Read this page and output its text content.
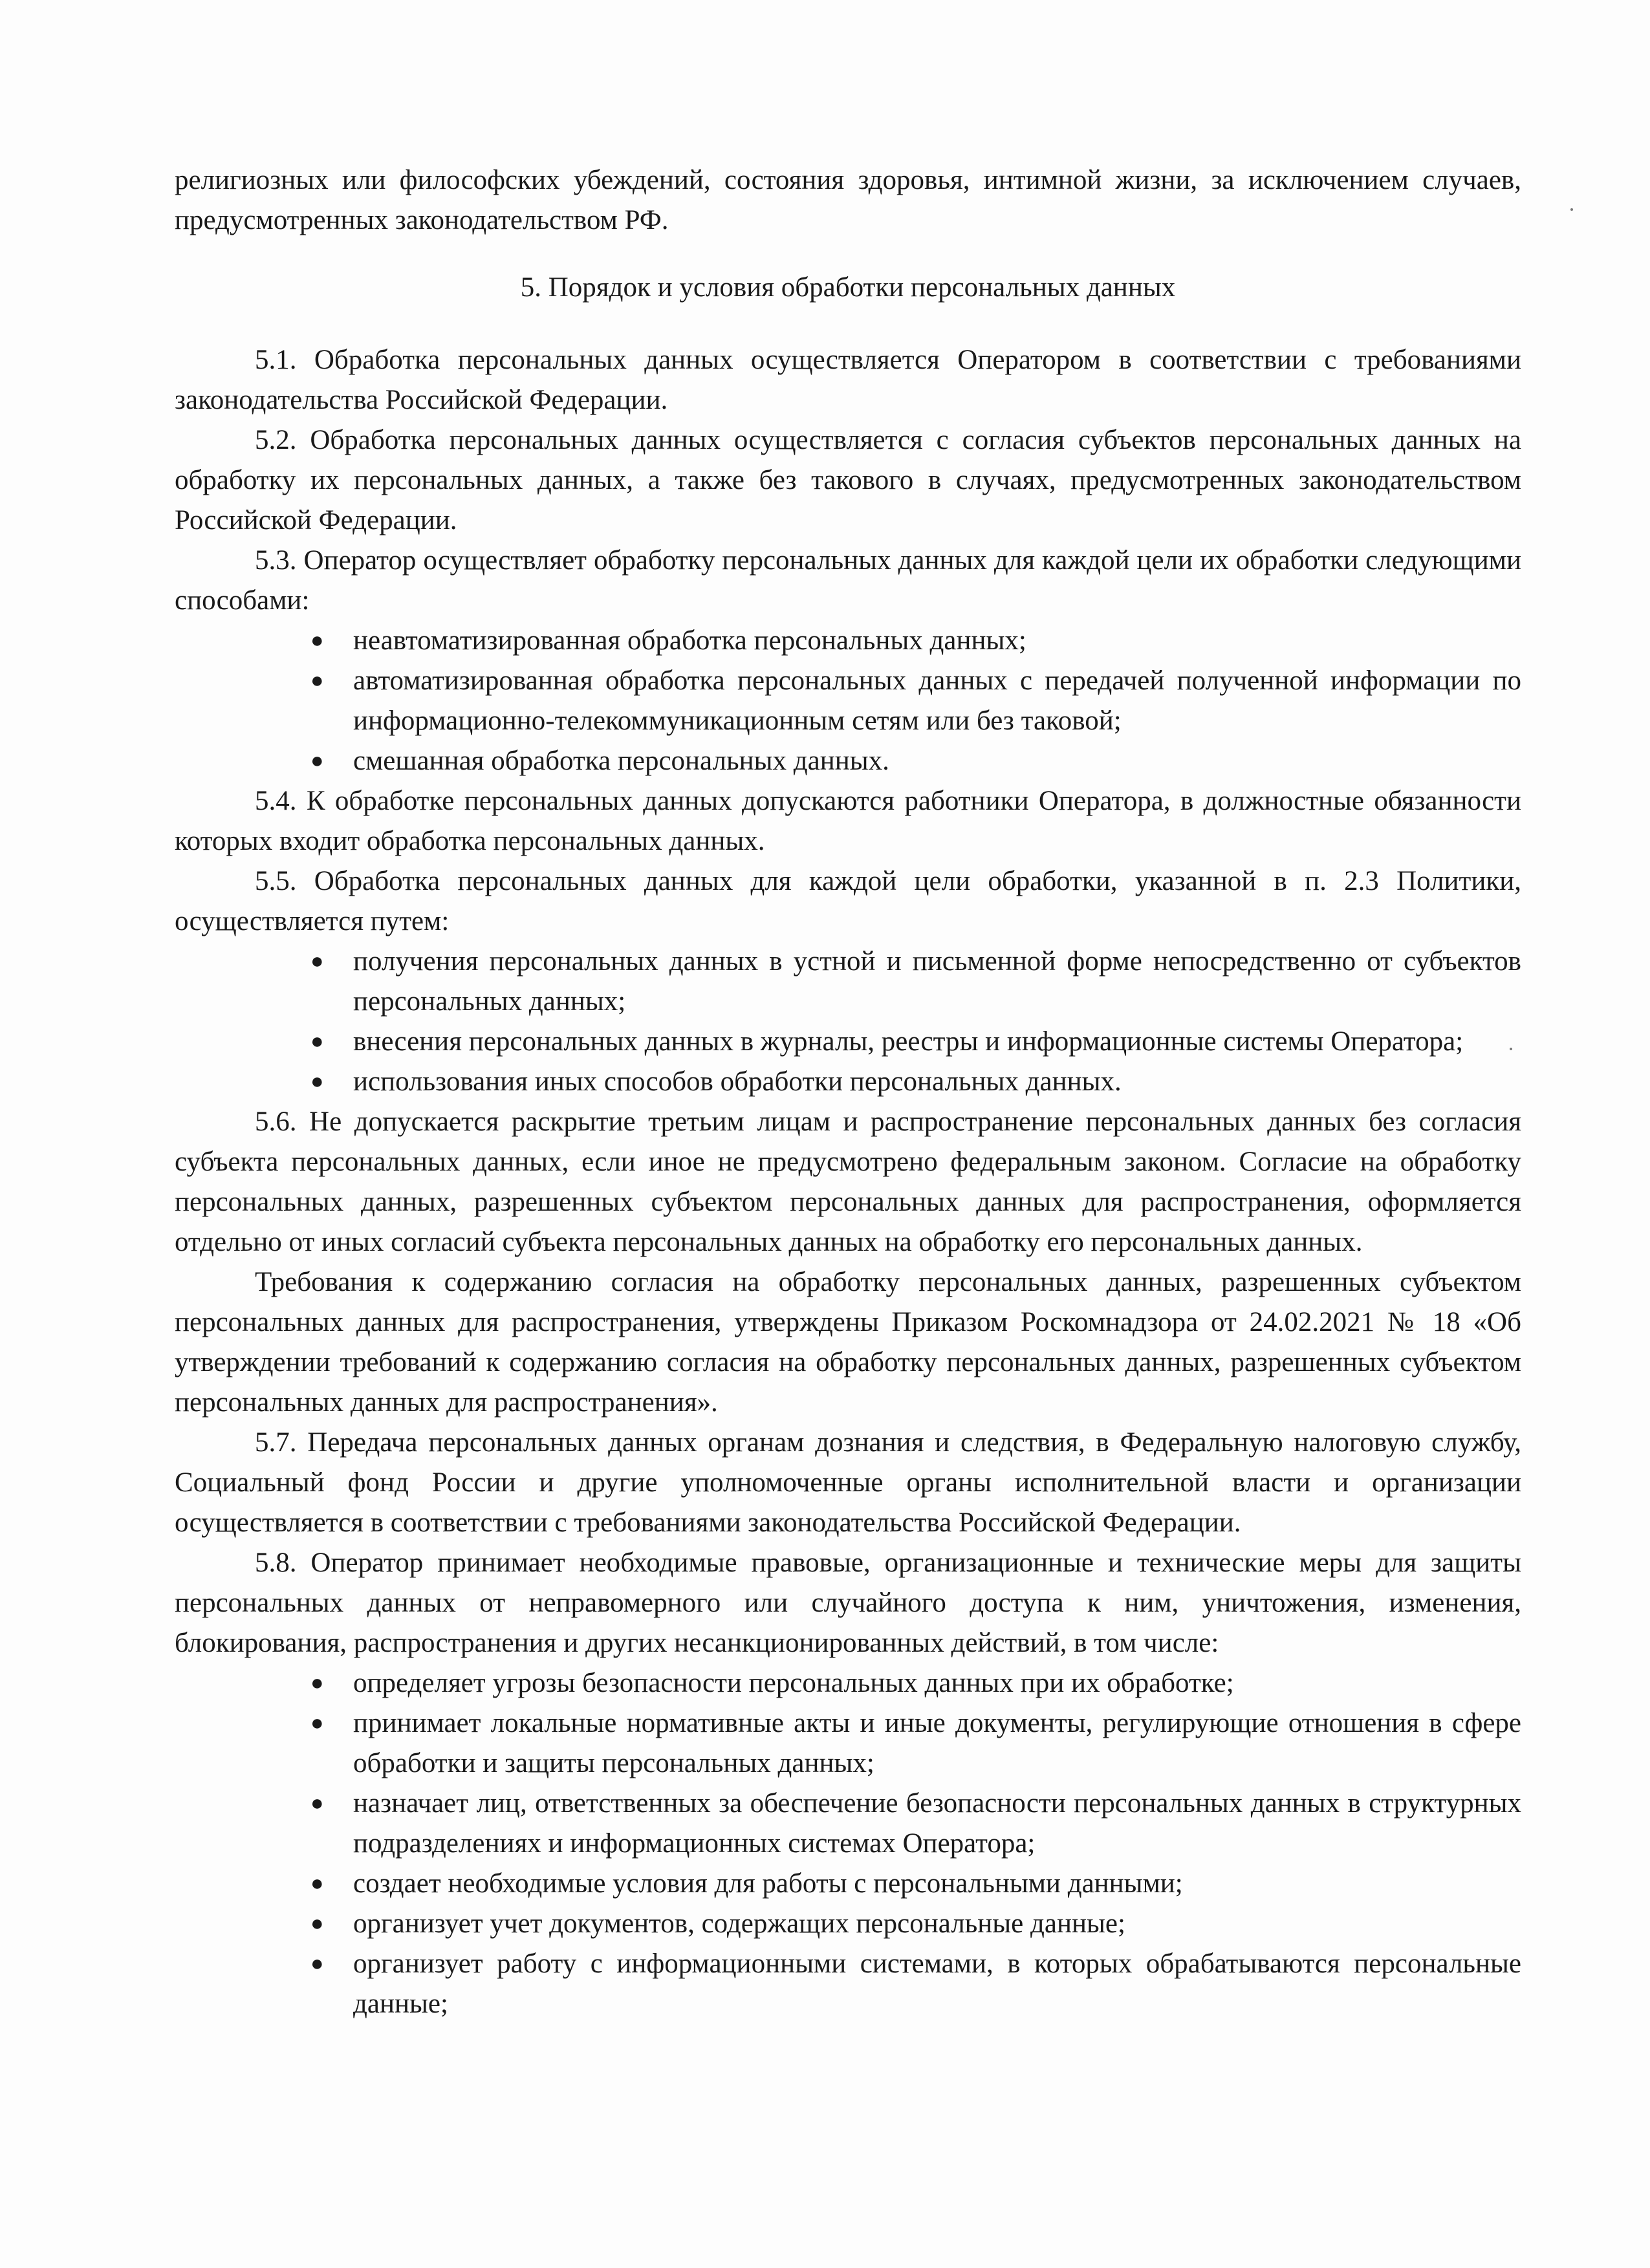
религиозных или философских убеждений, состояния здоровья, интимной жизни, за исключением случаев, предусмотренных законодательством РФ.

5. Порядок и условия обработки персональных данных

5.1. Обработка персональных данных осуществляется Оператором в соответствии с требованиями законодательства Российской Федерации.

5.2. Обработка персональных данных осуществляется с согласия субъектов персональных данных на обработку их персональных данных, а также без такового в случаях, предусмотренных законодательством Российской Федерации.

5.3. Оператор осуществляет обработку персональных данных для каждой цели их обработки следующими способами:

● неавтоматизированная обработка персональных данных;
● автоматизированная обработка персональных данных с передачей полученной информации по информационно-телекоммуникационным сетям или без таковой;
● смешанная обработка персональных данных.

5.4. К обработке персональных данных допускаются работники Оператора, в должностные обязанности которых входит обработка персональных данных.

5.5. Обработка персональных данных для каждой цели обработки, указанной в п. 2.3 Политики, осуществляется путем:

● получения персональных данных в устной и письменной форме непосредственно от субъектов персональных данных;
● внесения персональных данных в журналы, реестры и информационные системы Оператора;
● использования иных способов обработки персональных данных.

5.6. Не допускается раскрытие третьим лицам и распространение персональных данных без согласия субъекта персональных данных, если иное не предусмотрено федеральным законом. Согласие на обработку персональных данных, разрешенных субъектом персональных данных для распространения, оформляется отдельно от иных согласий субъекта персональных данных на обработку его персональных данных.

Требования к содержанию согласия на обработку персональных данных, разрешенных субъектом персональных данных для распространения, утверждены Приказом Роскомнадзора от 24.02.2021 № 18 «Об утверждении требований к содержанию согласия на обработку персональных данных, разрешенных субъектом персональных данных для распространения».

5.7. Передача персональных данных органам дознания и следствия, в Федеральную налоговую службу, Социальный фонд России и другие уполномоченные органы исполнительной власти и организации осуществляется в соответствии с требованиями законодательства Российской Федерации.

5.8. Оператор принимает необходимые правовые, организационные и технические меры для защиты персональных данных от неправомерного или случайного доступа к ним, уничтожения, изменения, блокирования, распространения и других несанкционированных действий, в том числе:

● определяет угрозы безопасности персональных данных при их обработке;
● принимает локальные нормативные акты и иные документы, регулирующие отношения в сфере обработки и защиты персональных данных;
● назначает лиц, ответственных за обеспечение безопасности персональных данных в структурных подразделениях и информационных системах Оператора;
● создает необходимые условия для работы с персональными данными;
● организует учет документов, содержащих персональные данные;
● организует работу с информационными системами, в которых обрабатываются персональные данные;
